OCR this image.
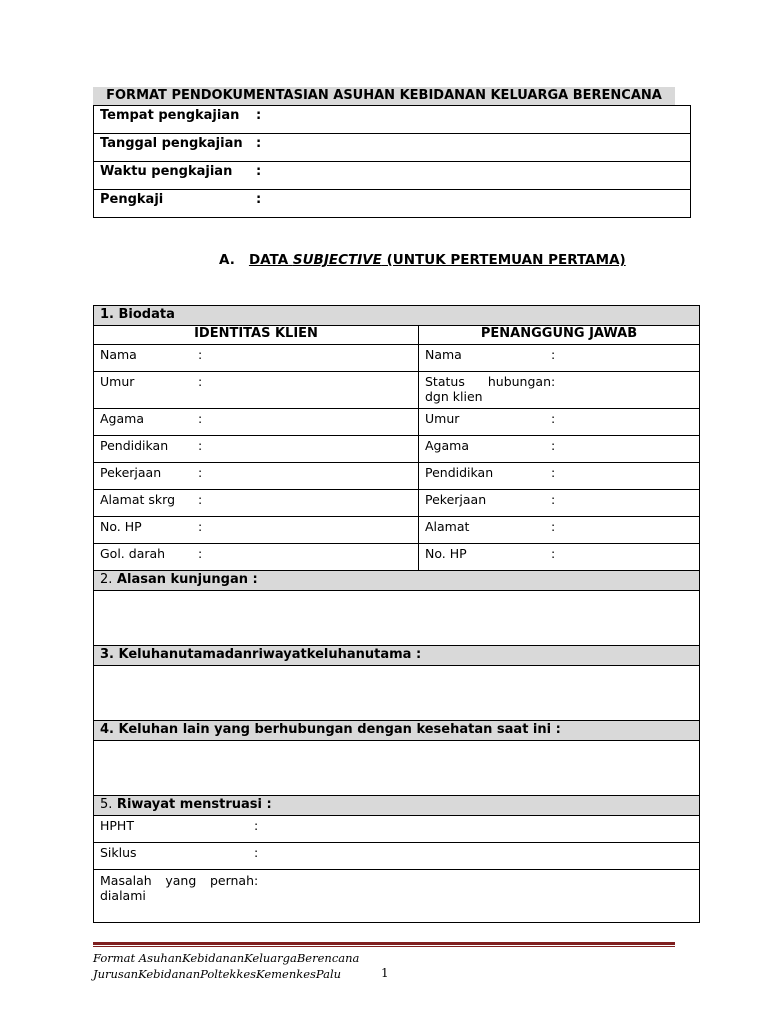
FORMAT PENDOKUMENTASIAN ASUHAN KEBIDANAN KELUARGA BERENCANA
Tempat pengkajian :
Tanggal pengkajian :
Waktu pengkajian :
Pengkaji	:
A. DATA SUBJECTIVE (UNTUK PERTEMUAN PERTAMA)
1. Biodata	
IDENTITAS KLIEN	PENANGGUNG JAWAB
Nama :	Nama :
Umur :	Status hubungan dgn klien:
Agama :	Umur :
Pendidikan :	Agama :
Pekerjaan :	Pendidikan :
Alamat skrg :	Pekerjaan :
No. HP :	Alamat :
Gol. darah :	No. HP :
2. Alasan kunjungan :	

3. Keluhanutamadanriwayatkeluhanutama :	

4. Keluhan lain yang berhubungan dengan kesehatan saat ini :	

5. Riwayat menstruasi :	
HPHT :	
Siklus :	
Masalah yang pernah dialami:	
Format AsuhanKebidananKeluargaBerencana
JurusanKebidananPoltekkesKemenkesPalu	1
